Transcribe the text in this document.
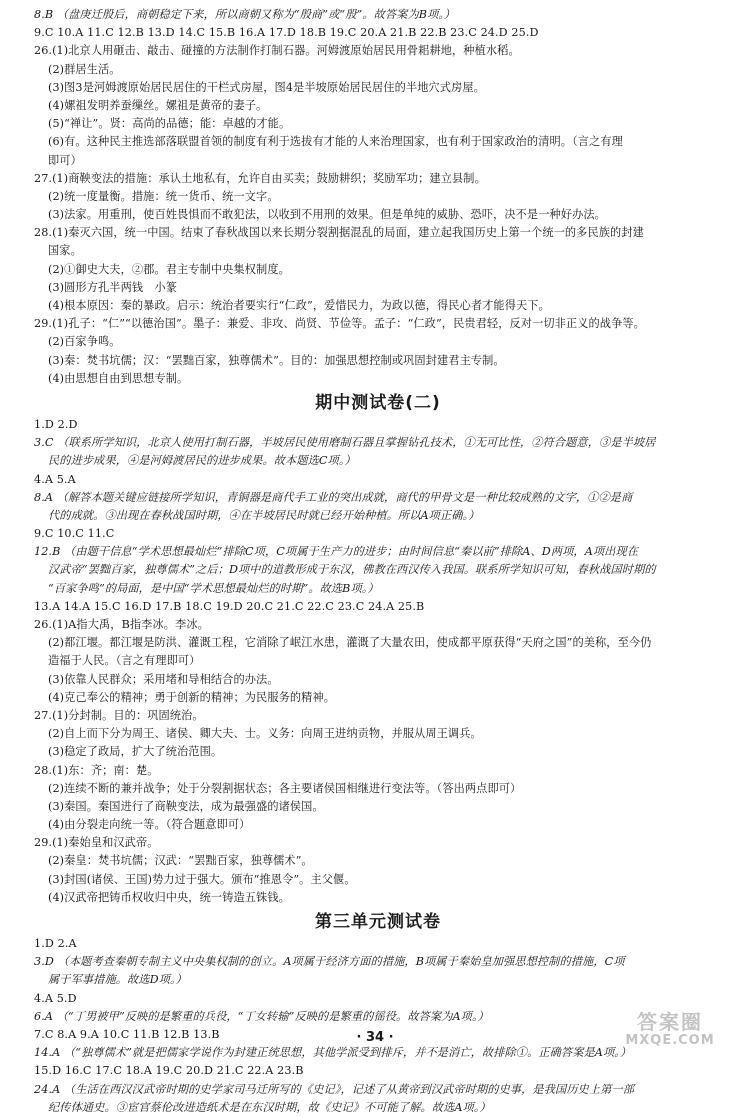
8.B （盘庚迁殷后，商朝稳定下来，所以商朝又称为“殷商”或“殷”。故答案为B项。）
9.C 10.A 11.C 12.B 13.D 14.C 15.B 16.A 17.D 18.B 19.C 20.A 21.B 22.B 23.C 24.D 25.D
26.(1)北京人用砸击、敲击、碰撞的方法制作打制石器。河姆渡原始居民用骨耜耕地，种植水稻。
(2)群居生活。
(3)图3是河姆渡原始居民居住的干栏式房屋，图4是半坡原始居民居住的半地穴式房屋。
(4)嫘祖发明养蚕缫丝。嫘祖是黄帝的妻子。
(5)“禅让”。贤：高尚的品德；能：卓越的才能。
(6)有。这种民主推选部落联盟首领的制度有利于选拔有才能的人来治理国家，也有利于国家政治的清明。（言之有理
即可）
27.(1)商鞅变法的措施：承认土地私有，允许自由买卖；鼓励耕织；奖励军功；建立县制。
(2)统一度量衡。措施：统一货币、统一文字。
(3)法家。用重刑，使百姓畏惧而不敢犯法，以收到不用刑的效果。但是单纯的威胁、恐吓，决不是一种好办法。
28.(1)秦灭六国，统一中国。结束了春秋战国以来长期分裂割据混乱的局面，建立起我国历史上第一个统一的多民族的封建
国家。
(2)①御史大夫，②郡。君主专制中央集权制度。
(3)圆形方孔半两钱　小篆
(4)根本原因：秦的暴政。启示：统治者要实行“仁政”，爱惜民力，为政以德，得民心者才能得天下。
29.(1)孔子：“仁”“以德治国”。墨子：兼爱、非攻、尚贤、节俭等。孟子：“仁政”，民贵君轻，反对一切非正义的战争等。
(2)百家争鸣。
(3)秦：焚书坑儒；汉：“罢黜百家，独尊儒术”。目的：加强思想控制或巩固封建君主专制。
(4)由思想自由到思想专制。
期中测试卷(二)
1.D 2.D
3.C （联系所学知识，北京人使用打制石器，半坡居民使用磨制石器且掌握钻孔技术，①无可比性，②符合题意，③是半坡居
民的进步成果，④是河姆渡居民的进步成果。故本题选C项。）
4.A 5.A
8.A （解答本题关键应链接所学知识，青铜器是商代手工业的突出成就，商代的甲骨文是一种比较成熟的文字，①②是商
代的成就。③出现在春秋战国时期，④在半坡居民时就已经开始种植。所以A项正确。）
9.C 10.C 11.C
12.B （由题干信息“学术思想最灿烂”排除C项，C项属于生产力的进步；由时间信息“秦以前”排除A、D两项，A项出现在
汉武帝“罢黜百家，独尊儒术”之后；D项中的道教形成于东汉，佛教在西汉传入我国。联系所学知识可知，春秋战国时期的
“百家争鸣”的局面，是中国“学术思想最灿烂的时期”。故选B项。）
13.A 14.A 15.C 16.D 17.B 18.C 19.D 20.C 21.C 22.C 23.C 24.A 25.B
26.(1)A指大禹，B指李冰。李冰。
(2)都江堰。都江堰是防洪、灌溉工程，它消除了岷江水患，灌溉了大量农田，使成都平原获得“天府之国”的美称，至今仍
造福于人民。（言之有理即可）
(3)依靠人民群众；采用堵和导相结合的办法。
(4)克己奉公的精神；勇于创新的精神；为民服务的精神。
27.(1)分封制。目的：巩固统治。
(2)自上而下分为周王、诸侯、卿大夫、士。义务：向周王进纳贡物，并服从周王调兵。
(3)稳定了政局，扩大了统治范围。
28.(1)东：齐；南：楚。
(2)连续不断的兼并战争；处于分裂割据状态；各主要诸侯国相继进行变法等。（答出两点即可）
(3)秦国。秦国进行了商鞅变法，成为最强盛的诸侯国。
(4)由分裂走向统一等。（符合题意即可）
29.(1)秦始皇和汉武帝。
(2)秦皇：焚书坑儒；汉武：“罢黜百家，独尊儒术”。
(3)封国(诸侯、王国)势力过于强大。颁布“推恩令”。主父偃。
(4)汉武帝把铸币权收归中央，统一铸造五铢钱。
第三单元测试卷
1.D 2.A
3.D （本题考查秦朝专制主义中央集权制的创立。A项属于经济方面的措施，B项属于秦始皇加强思想控制的措施，C项
属于军事措施。故选D项。）
4.A 5.D
6.A （“丁男被甲”反映的是繁重的兵役，“丁女转输”反映的是繁重的徭役。故答案为A项。）
7.C 8.A 9.A 10.C 11.B 12.B 13.B
14.A （“独尊儒术”就是把儒家学说作为封建正统思想，其他学派受到排斥，并不是消亡，故排除①。正确答案是A项。）
15.D 16.C 17.C 18.A 19.C 20.D 21.C 22.A 23.B
24.A （生活在西汉汉武帝时期的史学家司马迁所写的《史记》，记述了从黄帝到汉武帝时期的史事，是我国历史上第一部
纪传体通史。③宦官蔡伦改进造纸术是在东汉时期，故《史记》不可能了解。故选A项。）
· 34 ·
答案圈
MXQE.COM
